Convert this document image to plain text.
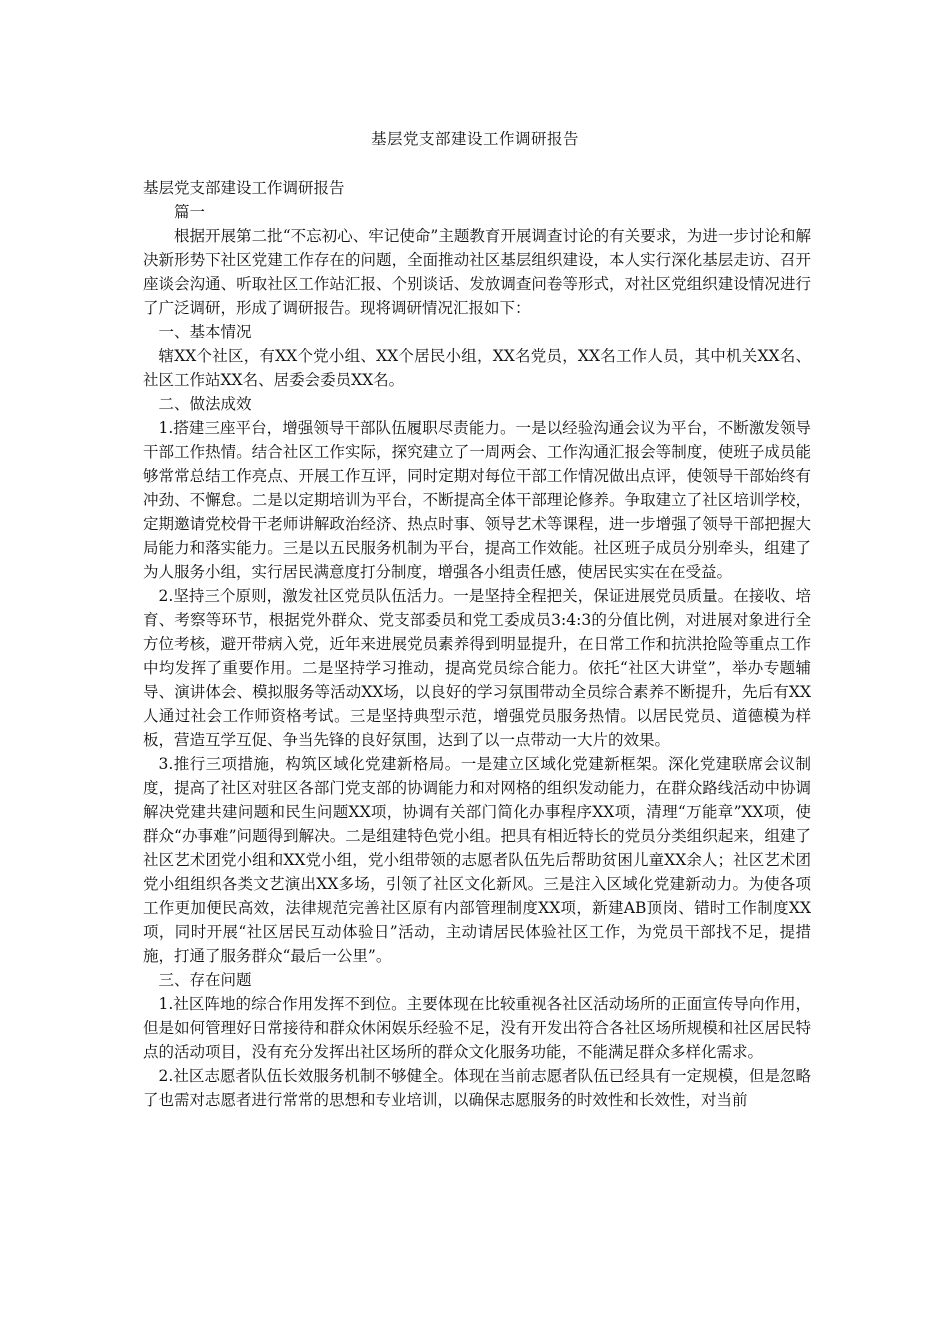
基层党支部建设工作调研报告

基层党支部建设工作调研报告

篇一

根据开展第二批“不忘初心、牢记使命”主题教育开展调查讨论的有关要求，为进一步讨论和解决新形势下社区党建工作存在的问题，全面推动社区基层组织建设，本人实行深化基层走访、召开座谈会沟通、听取社区工作站汇报、个别谈话、发放调查问卷等形式，对社区党组织建设情况进行了广泛调研，形成了调研报告。现将调研情况汇报如下：

一、基本情况

辖XX个社区，有XX个党小组、XX个居民小组，XX名党员，XX名工作人员，其中机关XX名、社区工作站XX名、居委会委员XX名。

二、做法成效

1.搭建三座平台，增强领导干部队伍履职尽责能力。一是以经验沟通会议为平台，不断激发领导干部工作热情。结合社区工作实际，探究建立了一周两会、工作沟通汇报会等制度，使班子成员能够常常总结工作亮点、开展工作互评，同时定期对每位干部工作情况做出点评，使领导干部始终有冲劲、不懈怠。二是以定期培训为平台，不断提高全体干部理论修养。争取建立了社区培训学校，定期邀请党校骨干老师讲解政治经济、热点时事、领导艺术等课程，进一步增强了领导干部把握大局能力和落实能力。三是以五民服务机制为平台，提高工作效能。社区班子成员分别牵头，组建了为人服务小组，实行居民满意度打分制度，增强各小组责任感，使居民实实在在受益。

2.坚持三个原则，激发社区党员队伍活力。一是坚持全程把关，保证进展党员质量。在接收、培育、考察等环节，根据党外群众、党支部委员和党工委成员3:4:3的分值比例，对进展对象进行全方位考核，避开带病入党，近年来进展党员素养得到明显提升，在日常工作和抗洪抢险等重点工作中均发挥了重要作用。二是坚持学习推动，提高党员综合能力。依托“社区大讲堂”，举办专题辅导、演讲体会、模拟服务等活动XX场，以良好的学习氛围带动全员综合素养不断提升，先后有XX人通过社会工作师资格考试。三是坚持典型示范，增强党员服务热情。以居民党员、道德模为样板，营造互学互促、争当先锋的良好氛围，达到了以一点带动一大片的效果。

3.推行三项措施，构筑区域化党建新格局。一是建立区域化党建新框架。深化党建联席会议制度，提高了社区对驻区各部门党支部的协调能力和对网格的组织发动能力，在群众路线活动中协调解决党建共建问题和民生问题XX项，协调有关部门简化办事程序XX项，清理“万能章”XX项，使群众“办事难”问题得到解决。二是组建特色党小组。把具有相近特长的党员分类组织起来，组建了社区艺术团党小组和XX党小组，党小组带领的志愿者队伍先后帮助贫困儿童XX余人；社区艺术团党小组组织各类文艺演出XX多场，引领了社区文化新风。三是注入区域化党建新动力。为使各项工作更加便民高效，法律规范完善社区原有内部管理制度XX项，新建AB顶岗、错时工作制度XX项，同时开展“社区居民互动体验日”活动，主动请居民体验社区工作，为党员干部找不足，提措施，打通了服务群众“最后一公里”。

三、存在问题

1.社区阵地的综合作用发挥不到位。主要体现在比较重视各社区活动场所的正面宣传导向作用，但是如何管理好日常接待和群众休闲娱乐经验不足，没有开发出符合各社区场所规模和社区居民特点的活动项目，没有充分发挥出社区场所的群众文化服务功能，不能满足群众多样化需求。

2.社区志愿者队伍长效服务机制不够健全。体现在当前志愿者队伍已经具有一定规模，但是忽略了也需对志愿者进行常常的思想和专业培训，以确保志愿服务的时效性和长效性，对当前
